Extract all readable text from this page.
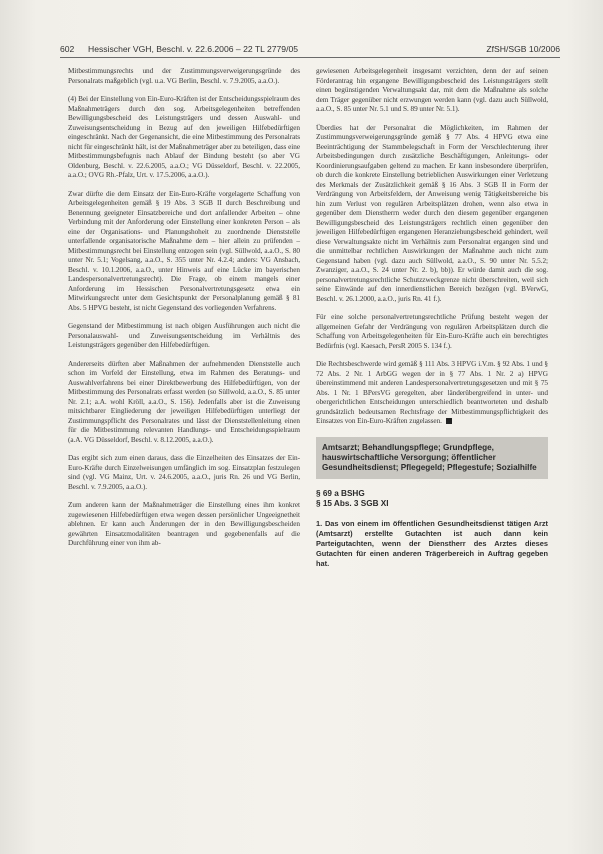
602 Hessischer VGH, Beschl. v. 22.6.2006 – 22 TL 2779/05	ZfSH/SGB 10/2006

Mitbestimmungsrechts und der Zustimmungsverweigerungsgründe des Personalrats maßgeblich (vgl. u.a. VG Berlin, Beschl. v. 7.9.2005, a.a.O.).

(4) Bei der Einstellung von Ein-Euro-Kräften ist der Entscheidungsspielraum des Maßnahmeträgers durch den sog. Arbeitsgelegenheiten betreffenden Bewilligungsbescheid des Leistungsträgers und dessen Auswahl- und Zuweisungsentscheidung in Bezug auf den jeweiligen Hilfebedürftigen eingeschränkt. Nach der Gegenansicht, die eine Mitbestimmung des Personalrats nicht für eingeschränkt hält, ist der Maßnahmeträger aber zu beteiligen, dass eine Mitbestimmungsbefugnis nach Ablauf der Bindung besteht (so aber VG Oldenburg, Beschl. v. 22.6.2005, a.a.O.; VG Düsseldorf, Beschl. v. 22.2005, a.a.O.; OVG Rh.-Pfalz, Urt. v. 17.5.2006, a.a.O.).

Zwar dürfte die dem Einsatz der Ein-Euro-Kräfte vorgelagerte Schaffung von Arbeitsgelegenheiten gemäß § 19 Abs. 3 SGB II durch Beschreibung und Benennung geeigneter Einsatzbereiche und dort anfallender Arbeiten – ohne Verbindung mit der Anforderung oder Einstellung einer konkreten Person – als eine der Organisations- und Planungshoheit zu zuordnende Dienststelle unterfallende organisatorische Maßnahme dem – hier allein zu prüfenden – Mitbestimmungsrecht bei Einstellung entzogen sein (vgl. Süllwold, a.a.O., S. 80 unter Nr. 5.1; Vogelsang, a.a.O., S. 355 unter Nr. 4.2.4; anders: VG Ansbach, Beschl. v. 10.1.2006, a.a.O., unter Hinweis auf eine Lücke im bayerischen Landespersonalvertretungsrecht). Die Frage, ob einem mangels einer Anforderung im Hessischen Personalvertretungsgesetz etwa ein Mitwirkungsrecht unter dem Gesichtspunkt der Personalplanung gemäß § 81 Abs. 5 HPVG besteht, ist nicht Gegenstand des vorliegenden Verfahrens.

Gegenstand der Mitbestimmung ist nach obigen Ausführungen auch nicht die Personalauswahl- und Zuweisungsentscheidung im Verhältnis des Leistungsträgers gegenüber den Hilfebedürftigen.

Andererseits dürften aber Maßnahmen der aufnehmenden Dienststelle auch schon im Vorfeld der Einstellung, etwa im Rahmen des Beratungs- und Auswahlverfahrens bei einer Direktbewerbung des Hilfebedürftigen, von der Mitbestimmung des Personalrats erfasst werden (so Süllwold, a.a.O., S. 85 unter Nr. 2.1; a.A. wohl Kröll, a.a.O., S. 156). Jedenfalls aber ist die Zuweisung mitsichtbarer Eingliederung der jeweiligen Hilfebedürftigen unterliegt der Zustimmungspflicht des Personalrates und lässt der Dienststellenleitung einen für die Mitbestimmung relevanten Handlungs- und Entscheidungsspielraum (a.A. VG Düsseldorf, Beschl. v. 8.12.2005, a.a.O.).

Das ergibt sich zum einen daraus, dass die Einzelheiten des Einsatzes der Ein-Euro-Kräfte durch Einzelweisungen umfänglich im sog. Einsatzplan festzulegen sind (vgl. VG Mainz, Urt. v. 24.6.2005, a.a.O., juris Rn. 26 und VG Berlin, Beschl. v. 7.9.2005, a.a.O.).

Zum anderen kann der Maßnahmeträger die Einstellung eines ihm konkret zugewiesenen Hilfebedürftigen etwa wegen dessen persönlicher Ungeeignetheit ablehnen. Er kann auch Änderungen der in den Bewilligungsbescheiden gewährten Einsatzmodalitäten beantragen und gegebenenfalls auf die Durchführung einer von ihm ab-

gewiesenen Arbeitsgelegenheit insgesamt verzichten, denn der auf seinen Förderantrag hin ergangene Bewilligungsbescheid des Leistungsträgers stellt einen begünstigenden Verwaltungsakt dar, mit dem die Maßnahme als solche dem Träger gegenüber nicht erzwungen werden kann (vgl. dazu auch Süllwold, a.a.O., S. 85 unter Nr. 5.1 und S. 89 unter Nr. 5.1).

Überdies hat der Personalrat die Möglichkeiten, im Rahmen der Zustimmungsverweigerungsgründe gemäß § 77 Abs. 4 HPVG etwa eine Beeinträchtigung der Stammbelegschaft in Form der Verschlechterung ihrer Arbeitsbedingungen durch zusätzliche Beschäftigungen, Anleitungs- oder Koordinierungsaufgaben geltend zu machen. Er kann insbesondere überprüfen, ob durch die konkrete Einstellung betrieblichen Auswirkungen einer Verletzung des Merkmals der Zusätzlichkeit gemäß § 16 Abs. 3 SGB II in Form der Verdrängung von Arbeitsfeldern, der Anweisung wenig Tätigkeitsbereiche bis hin zum Verlust von regulären Arbeitsplätzen drohen, wenn also etwa in gegenüber dem Dienstherrn weder durch den diesem gegenüber ergangenen Bewilligungsbescheid des Leistungsträgers rechtlich einen gegenüber den jeweiligen Hilfebedürftigen ergangenen Heranziehungsbescheid gehindert, weil diese Verwaltungsakte nicht im Verhältnis zum Personalrat ergangen sind und die unmittelbar rechtlichen Auswirkungen der Maßnahme auch nicht zum Gegenstand haben (vgl. dazu auch Süllwold, a.a.O., S. 90 unter Nr. 5.5.2; Zwanziger, a.a.O., S. 24 unter Nr. 2. b), bb)). Er würde damit auch die sog. personalvertretungsrechtliche Schutzzweckgrenze nicht überschreiten, weil sich seine Einwände auf den innerdienstlichen Bereich bezögen (vgl. BVerwG, Beschl. v. 26.1.2000, a.a.O., juris Rn. 41 f.).

Für eine solche personalvertretungsrechtliche Prüfung besteht wegen der allgemeinen Gefahr der Verdrängung von regulären Arbeitsplätzen durch die Schaffung von Arbeitsgelegenheiten für Ein-Euro-Kräfte auch ein berechtigtes Bedürfnis (vgl. Kaesach, PersR 2005 S. 134 f.).

Die Rechtsbeschwerde wird gemäß § 111 Abs. 3 HPVG i.V.m. § 92 Abs. 1 und § 72 Abs. 2 Nr. 1 ArbGG wegen der in § 77 Abs. 1 Nr. 2 a) HPVG übereinstimmend mit anderen Landespersonalvertretungsgesetzen und mit § 75 Abs. 1 Nr. 1 BPersVG geregelten, aber länderübergreifend in unter- und obergerichtlichen Entscheidungen unterschiedlich beantworteten und deshalb grundsätzlich bedeutsamen Rechtsfrage der Mitbestimmungspflichtigkeit des Einsatzes von Ein-Euro-Kräften zugelassen.

Amtsarzt; Behandlungspflege; Grundpflege, hauswirtschaftliche Versorgung; öffentlicher Gesundheitsdienst; Pflegegeld; Pflegestufe; Sozialhilfe
§ 69 a BSHG
§ 15 Abs. 3 SGB XI
1. Das von einem im öffentlichen Gesundheitsdienst tätigen Arzt (Amtsarzt) erstellte Gutachten ist auch dann kein Parteigutachten, wenn der Dienstherr des Arztes dieses Gutachten für einen anderen Trägerbereich in Auftrag gegeben hat.
